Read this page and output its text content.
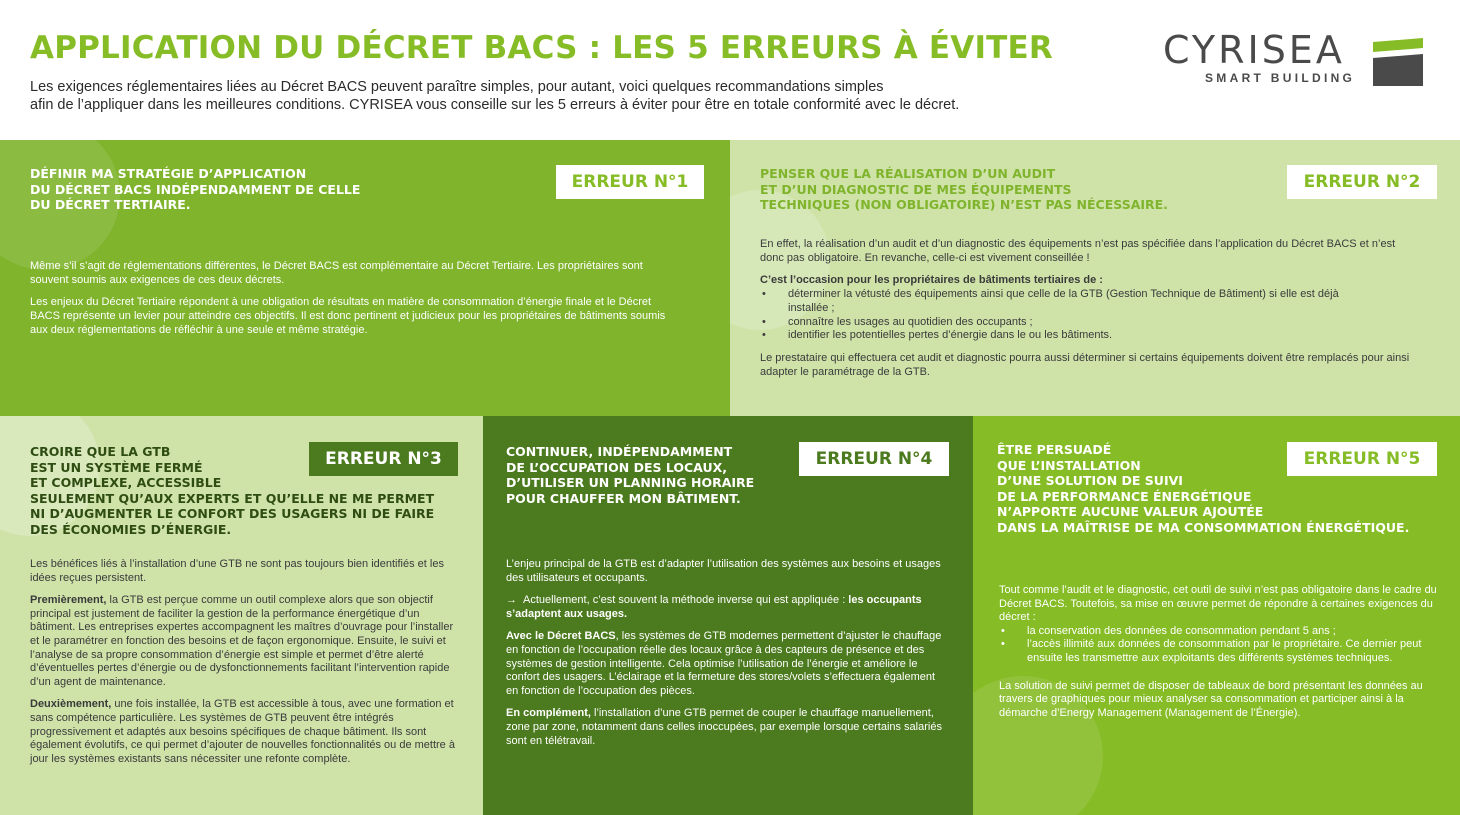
APPLICATION DU DÉCRET BACS : LES 5 ERREURS À ÉVITER
Les exigences réglementaires liées au Décret BACS peuvent paraître simples, pour autant, voici quelques recommandations simples
afin de l’appliquer dans les meilleures conditions. CYRISEA vous conseille sur les 5 erreurs à éviter pour être en totale conformité avec le décret.
CYRISEA
SMART BUILDING
DÉFINIR MA STRATÉGIE D’APPLICATION
DU DÉCRET BACS INDÉPENDAMMENT DE CELLE
DU DÉCRET TERTIAIRE.
ERREUR N°1

Même s’il s’agit de réglementations différentes, le Décret BACS est complémentaire au Décret Tertiaire. Les propriétaires sont souvent soumis aux exigences de ces deux décrets.

Les enjeux du Décret Tertiaire répondent à une obligation de résultats en matière de consommation d’énergie finale et le Décret BACS représente un levier pour atteindre ces objectifs. Il est donc pertinent et judicieux pour les propriétaires de bâtiments soumis aux deux réglementations de réfléchir à une seule et même stratégie.

PENSER QUE LA RÉALISATION D’UN AUDIT
ET D’UN DIAGNOSTIC DE MES ÉQUIPEMENTS
TECHNIQUES (NON OBLIGATOIRE) N’EST PAS NÉCESSAIRE.
ERREUR N°2

En effet, la réalisation d’un audit et d’un diagnostic des équipements n’est pas spécifiée dans l’application du Décret BACS et n’est donc pas obligatoire. En revanche, celle-ci est vivement conseillée !

C’est l’occasion pour les propriétaires de bâtiments tertiaires de :
• déterminer la vétusté des équipements ainsi que celle de la GTB (Gestion Technique de Bâtiment) si elle est déjà installée ;
• connaître les usages au quotidien des occupants ;
• identifier les potentielles pertes d’énergie dans le ou les bâtiments.

Le prestataire qui effectuera cet audit et diagnostic pourra aussi déterminer si certains équipements doivent être remplacés pour ainsi adapter le paramétrage de la GTB.

CROIRE QUE LA GTB
EST UN SYSTÈME FERMÉ
ET COMPLEXE, ACCESSIBLE
SEULEMENT QU’AUX EXPERTS ET QU’ELLE NE ME PERMET
NI D’AUGMENTER LE CONFORT DES USAGERS NI DE FAIRE
DES ÉCONOMIES D’ÉNERGIE.
ERREUR N°3

Les bénéfices liés à l’installation d’une GTB ne sont pas toujours bien identifiés et les idées reçues persistent.

Premièrement, la GTB est perçue comme un outil complexe alors que son objectif principal est justement de faciliter la gestion de la performance énergétique d’un bâtiment. Les entreprises expertes accompagnent les maîtres d’ouvrage pour l’installer et le paramétrer en fonction des besoins et de façon ergonomique. Ensuite, le suivi et l’analyse de sa propre consommation d’énergie est simple et permet d’être alerté d’éventuelles pertes d’énergie ou de dysfonctionnements facilitant l’intervention rapide d’un agent de maintenance.

Deuxièmement, une fois installée, la GTB est accessible à tous, avec une formation et sans compétence particulière. Les systèmes de GTB peuvent être intégrés progressivement et adaptés aux besoins spécifiques de chaque bâtiment. Ils sont également évolutifs, ce qui permet d’ajouter de nouvelles fonctionnalités ou de mettre à jour les systèmes existants sans nécessiter une refonte complète.

CONTINUER, INDÉPENDAMMENT
DE L’OCCUPATION DES LOCAUX,
D’UTILISER UN PLANNING HORAIRE
POUR CHAUFFER MON BÂTIMENT.
ERREUR N°4

L’enjeu principal de la GTB est d’adapter l’utilisation des systèmes aux besoins et usages des utilisateurs et occupants.

→ Actuellement, c’est souvent la méthode inverse qui est appliquée : les occupants s’adaptent aux usages.

Avec le Décret BACS, les systèmes de GTB modernes permettent d’ajuster le chauffage en fonction de l’occupation réelle des locaux grâce à des capteurs de présence et des systèmes de gestion intelligente. Cela optimise l’utilisation de l’énergie et améliore le confort des usagers. L’éclairage et la fermeture des stores/volets s’effectuera également en fonction de l’occupation des pièces.

En complément, l’installation d’une GTB permet de couper le chauffage manuellement, zone par zone, notamment dans celles inoccupées, par exemple lorsque certains salariés sont en télétravail.

ÊTRE PERSUADÉ
QUE L’INSTALLATION
D’UNE SOLUTION DE SUIVI
DE LA PERFORMANCE ÉNERGÉTIQUE
N’APPORTE AUCUNE VALEUR AJOUTÉE
DANS LA MAÎTRISE DE MA CONSOMMATION ÉNERGÉTIQUE.
ERREUR N°5

Tout comme l’audit et le diagnostic, cet outil de suivi n’est pas obligatoire dans le cadre du Décret BACS. Toutefois, sa mise en œuvre permet de répondre à certaines exigences du décret :

• la conservation des données de consommation pendant 5 ans ;
• l’accès illimité aux données de consommation par le propriétaire. Ce dernier peut ensuite les transmettre aux exploitants des différents systèmes techniques.

La solution de suivi permet de disposer de tableaux de bord présentant les données au travers de graphiques pour mieux analyser sa consommation et participer ainsi à la démarche d’Energy Management (Management de l’Énergie).
